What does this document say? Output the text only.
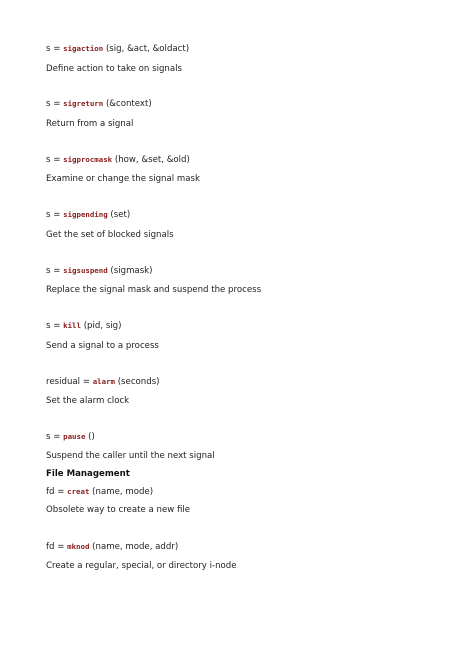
s = sigaction (sig, &act, &oldact)
Define action to take on signals
s = sigreturn (&context)
Return from a signal
s = sigprocmask (how, &set, &old)
Examine or change the signal mask
s = sigpending (set)
Get the set of blocked signals
s = sigsuspend (sigmask)
Replace the signal mask and suspend the process
s = kill (pid, sig)
Send a signal to a process
residual = alarm (seconds)
Set the alarm clock
s = pause ()
Suspend the caller until the next signal
File Management
fd = creat (name, mode)
Obsolete way to create a new file
fd = mknod (name, mode, addr)
Create a regular, special, or directory i-node
